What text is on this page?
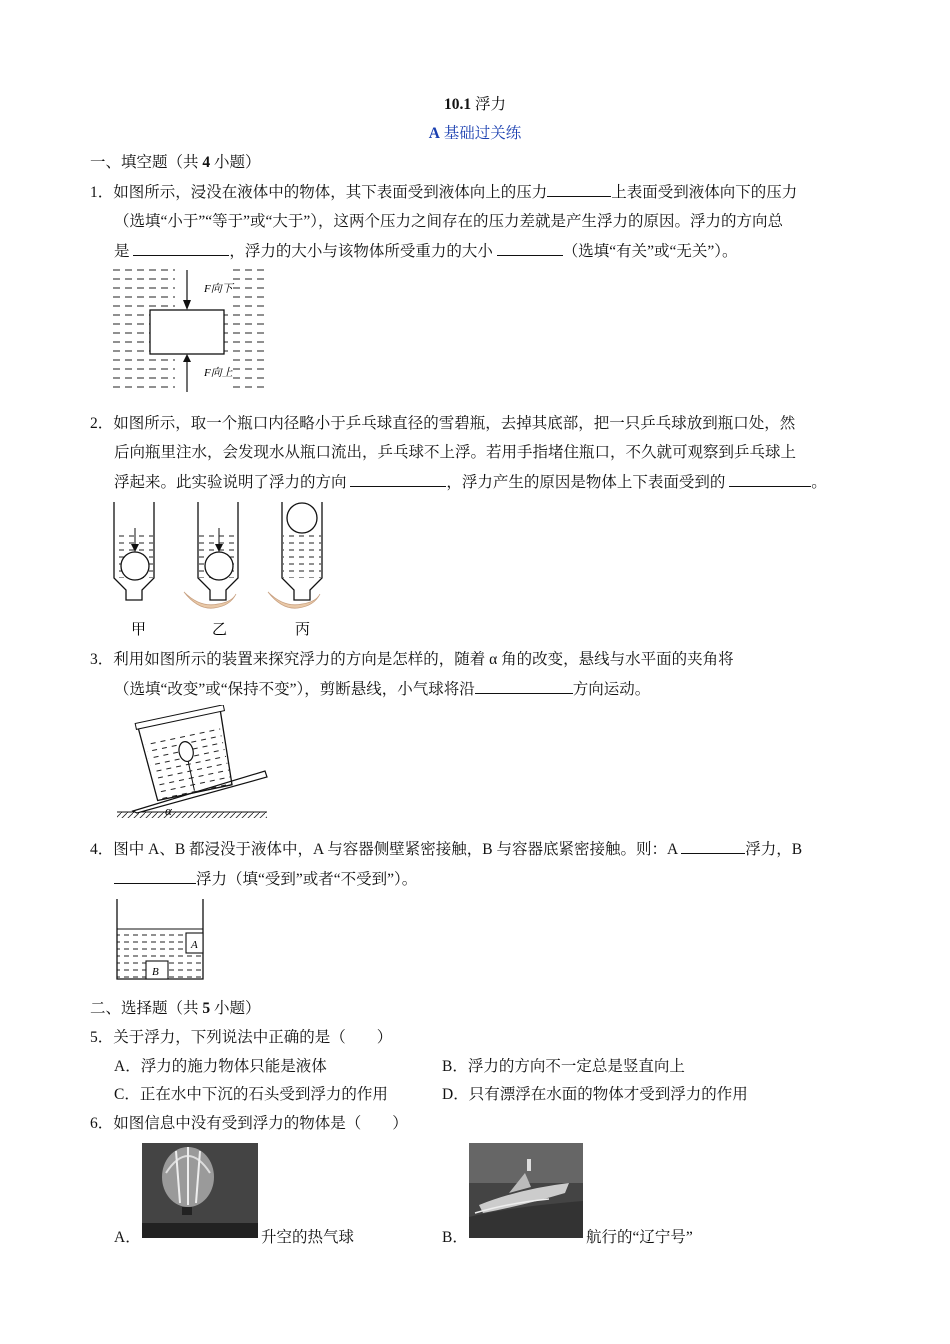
10.1 浮力
A 基础过关练
一、填空题（共 4 小题）
1．如图所示，浸没在液体中的物体，其下表面受到液体向上的压力	上表面受到液体向下的压力
（选填“小于”“等于”或“大于”），这两个压力之间存在的压力差就是产生浮力的原因。浮力的方向总
是	，浮力的大小与该物体所受重力的大小	（选填“有关”或“无关”）。
F向下
F向上
2．如图所示，取一个瓶口内径略小于乒乓球直径的雪碧瓶，去掉其底部，把一只乒乓球放到瓶口处，然
后向瓶里注水，会发现水从瓶口流出，乒乓球不上浮。若用手指堵住瓶口，不久就可观察到乒乓球上
浮起来。此实验说明了浮力的方向	，浮力产生的原因是物体上下表面受到的	。
甲	乙	丙
3．利用如图所示的装置来探究浮力的方向是怎样的，随着 α 角的改变，悬线与水平面的夹角将
（选填“改变”或“保持不变”），剪断悬线，小气球将沿	方向运动。
α
4．图中 A、B 都浸没于液体中，A 与容器侧壁紧密接触，B 与容器底紧密接触。则：A	浮力，B
浮力（填“受到”或者“不受到”）。
A
B
二、选择题（共 5 小题）
5．关于浮力，下列说法中正确的是（　　）
A．浮力的施力物体只能是液体	B．浮力的方向不一定总是竖直向上
C．正在水中下沉的石头受到浮力的作用	D．只有漂浮在水面的物体才受到浮力的作用
6．如图信息中没有受到浮力的物体是（　　）
A．	升空的热气球	B．	航行的“辽宁号”
